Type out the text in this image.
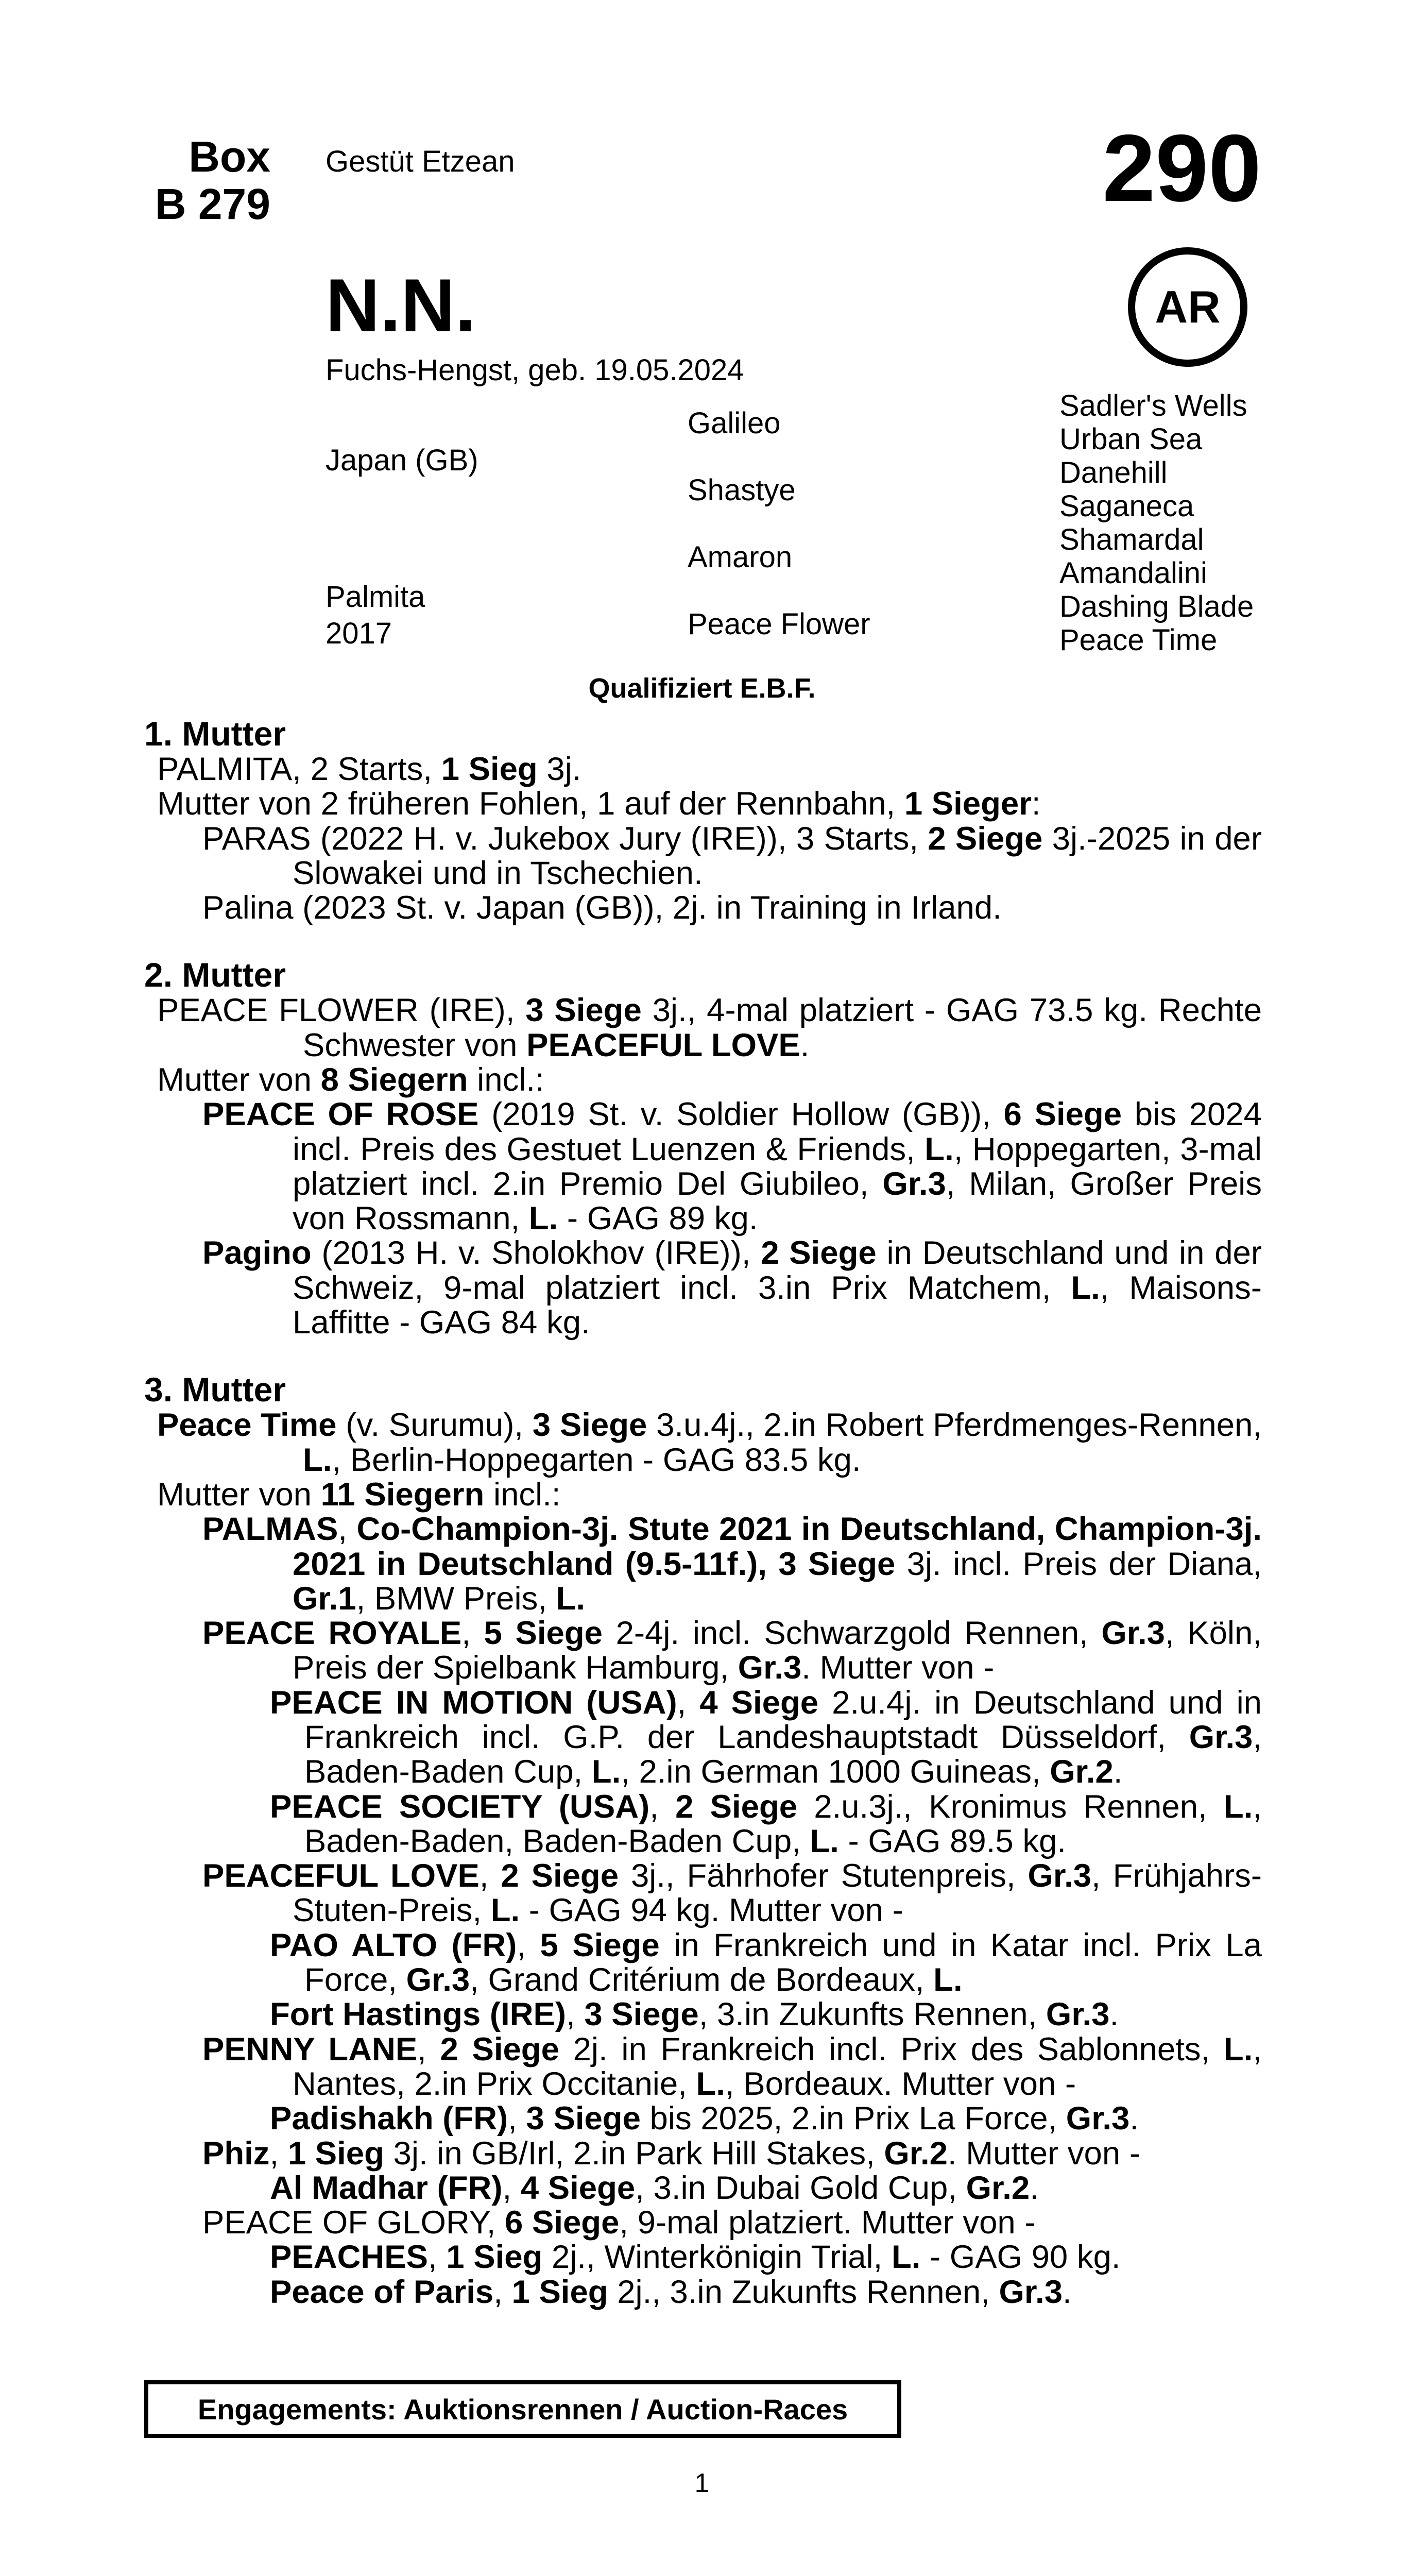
Box
B 279
Gestüt Etzean	290
AR
N.N.
Fuchs-Hengst, geb. 19.05.2024
Japan (GB)
Palmita
2017
Galileo
Shastye
Amaron
Peace Flower
Sadler's Wells
Urban Sea
Danehill
Saganeca
Shamardal
Amandalini
Dashing Blade
Peace Time
Qualifiziert E.B.F.

1. Mutter

PALMITA, 2 Starts, 1 Sieg 3j.

Mutter von 2 früheren Fohlen, 1 auf der Rennbahn, 1 Sieger:

PARAS (2022 H. v. Jukebox Jury (IRE)), 3 Starts, 2 Siege 3j.-2025 in der Slowakei und in Tschechien.

Palina (2023 St. v. Japan (GB)), 2j. in Training in Irland.

2. Mutter

PEACE FLOWER (IRE), 3 Siege 3j., 4-mal platziert - GAG 73.5 kg. Rechte Schwester von PEACEFUL LOVE.

Mutter von 8 Siegern incl.:

PEACE OF ROSE (2019 St. v. Soldier Hollow (GB)), 6 Siege bis 2024 incl. Preis des Gestuet Luenzen & Friends, L., Hoppegarten, 3-mal platziert incl. 2.in Premio Del Giubileo, Gr.3, Milan, Großer Preis von Rossmann, L. - GAG 89 kg.

Pagino (2013 H. v. Sholokhov (IRE)), 2 Siege in Deutschland und in der Schweiz, 9-mal platziert incl. 3.in Prix Matchem, L., Maisons-Laffitte - GAG 84 kg.

3. Mutter

Peace Time (v. Surumu), 3 Siege 3.u.4j., 2.in Robert Pferdmenges-Rennen, L., Berlin-Hoppegarten - GAG 83.5 kg.

Mutter von 11 Siegern incl.:

PALMAS, Co-Champion-3j. Stute 2021 in Deutschland, Champion-3j. 2021 in Deutschland (9.5-11f.), 3 Siege 3j. incl. Preis der Diana, Gr.1, BMW Preis, L.

PEACE ROYALE, 5 Siege 2-4j. incl. Schwarzgold Rennen, Gr.3, Köln, Preis der Spielbank Hamburg, Gr.3. Mutter von -

PEACE IN MOTION (USA), 4 Siege 2.u.4j. in Deutschland und in Frankreich incl. G.P. der Landeshauptstadt Düsseldorf, Gr.3, Baden-Baden Cup, L., 2.in German 1000 Guineas, Gr.2.

PEACE SOCIETY (USA), 2 Siege 2.u.3j., Kronimus Rennen, L., Baden-Baden, Baden-Baden Cup, L. - GAG 89.5 kg.

PEACEFUL LOVE, 2 Siege 3j., Fährhofer Stutenpreis, Gr.3, Frühjahrs-Stuten-Preis, L. - GAG 94 kg. Mutter von -

PAO ALTO (FR), 5 Siege in Frankreich und in Katar incl. Prix La Force, Gr.3, Grand Critérium de Bordeaux, L.

Fort Hastings (IRE), 3 Siege, 3.in Zukunfts Rennen, Gr.3.

PENNY LANE, 2 Siege 2j. in Frankreich incl. Prix des Sablonnets, L., Nantes, 2.in Prix Occitanie, L., Bordeaux. Mutter von -

Padishakh (FR), 3 Siege bis 2025, 2.in Prix La Force, Gr.3.

Phiz, 1 Sieg 3j. in GB/Irl, 2.in Park Hill Stakes, Gr.2. Mutter von -

Al Madhar (FR), 4 Siege, 3.in Dubai Gold Cup, Gr.2.

PEACE OF GLORY, 6 Siege, 9-mal platziert. Mutter von -

PEACHES, 1 Sieg 2j., Winterkönigin Trial, L. - GAG 90 kg.

Peace of Paris, 1 Sieg 2j., 3.in Zukunfts Rennen, Gr.3.

Engagements: Auktionsrennen / Auction-Races
1
